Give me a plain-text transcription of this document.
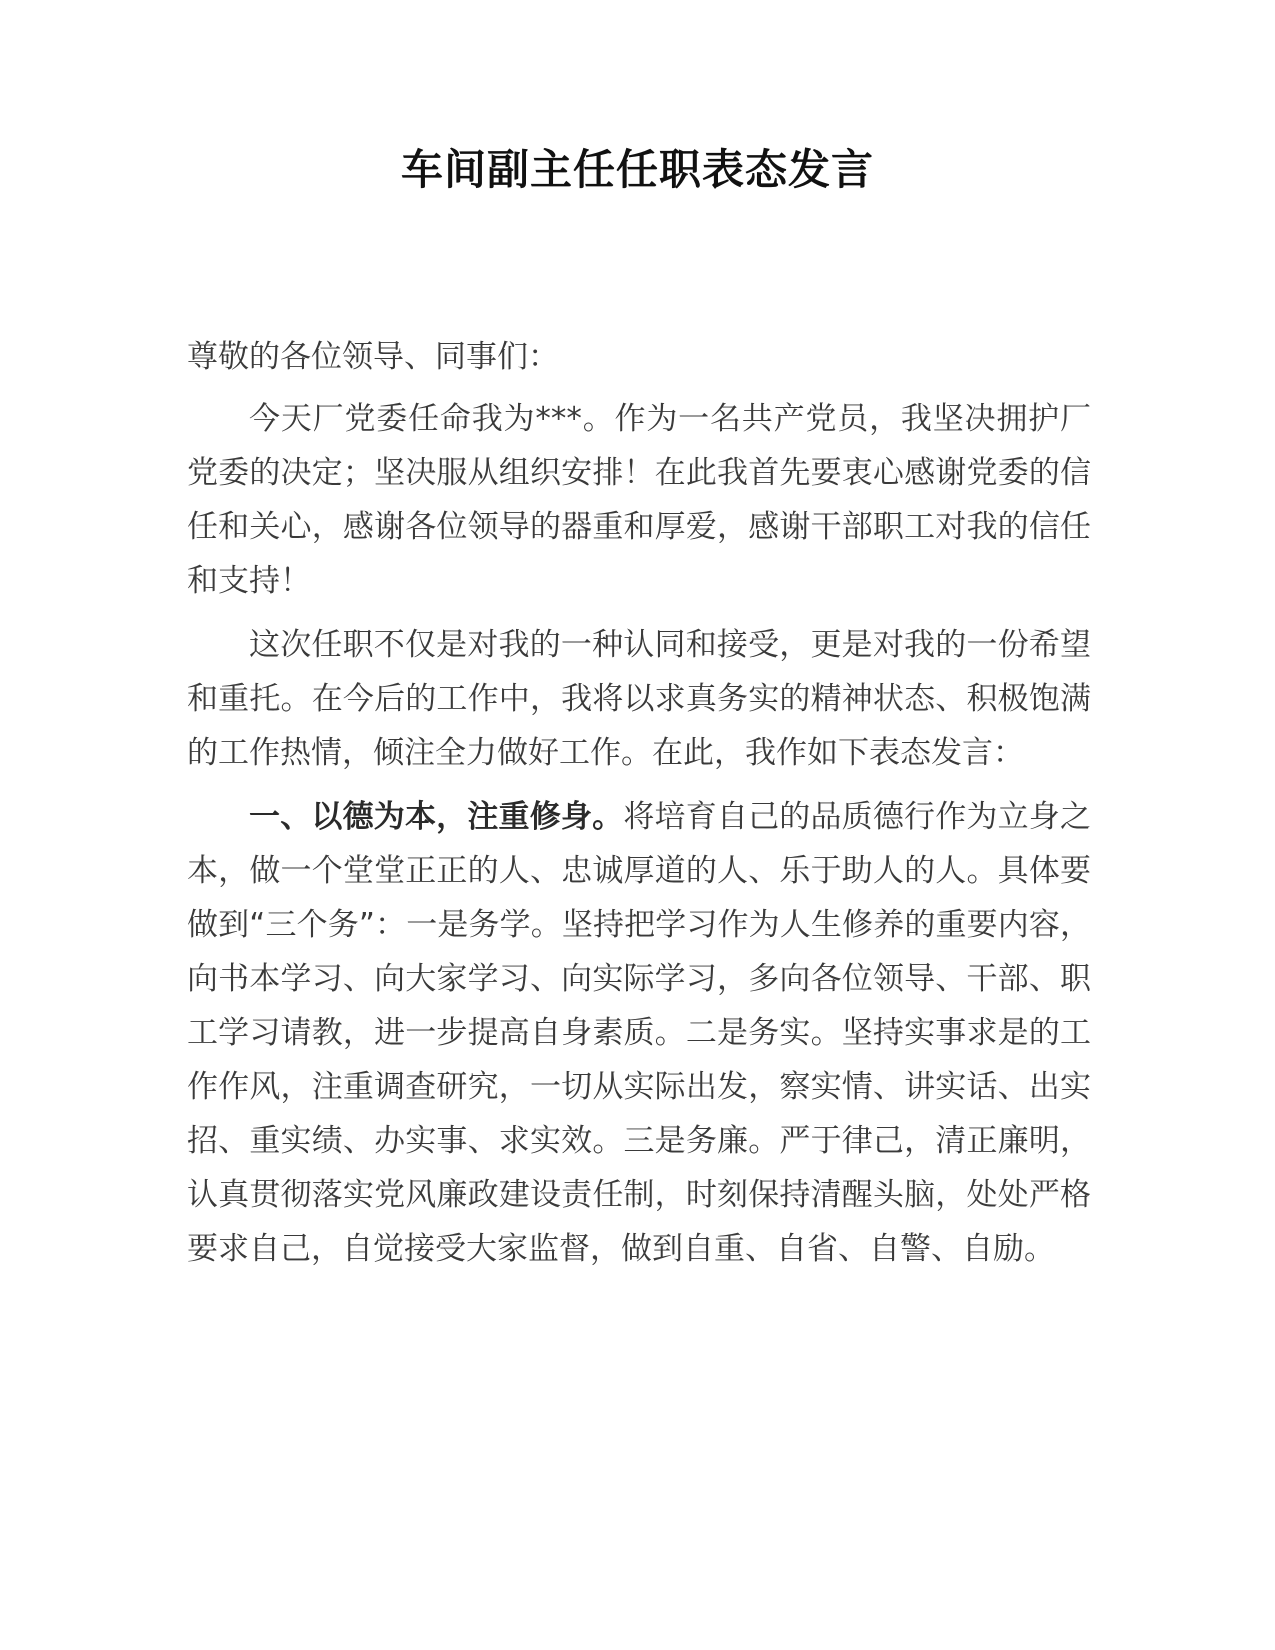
车间副主任任职表态发言

尊敬的各位领导、同事们：

今天厂党委任命我为***。作为一名共产党员，我坚决拥护厂党委的决定；坚决服从组织安排！在此我首先要衷心感谢党委的信任和关心，感谢各位领导的器重和厚爱，感谢干部职工对我的信任和支持！

这次任职不仅是对我的一种认同和接受，更是对我的一份希望和重托。在今后的工作中，我将以求真务实的精神状态、积极饱满的工作热情，倾注全力做好工作。在此，我作如下表态发言：

一、以德为本，注重修身。将培育自己的品质德行作为立身之本，做一个堂堂正正的人、忠诚厚道的人、乐于助人的人。具体要做到“三个务”：一是务学。坚持把学习作为人生修养的重要内容，向书本学习、向大家学习、向实际学习，多向各位领导、干部、职工学习请教，进一步提高自身素质。二是务实。坚持实事求是的工作作风，注重调查研究，一切从实际出发，察实情、讲实话、出实招、重实绩、办实事、求实效。三是务廉。严于律己，清正廉明，认真贯彻落实党风廉政建设责任制，时刻保持清醒头脑，处处严格要求自己，自觉接受大家监督，做到自重、自省、自警、自励。
